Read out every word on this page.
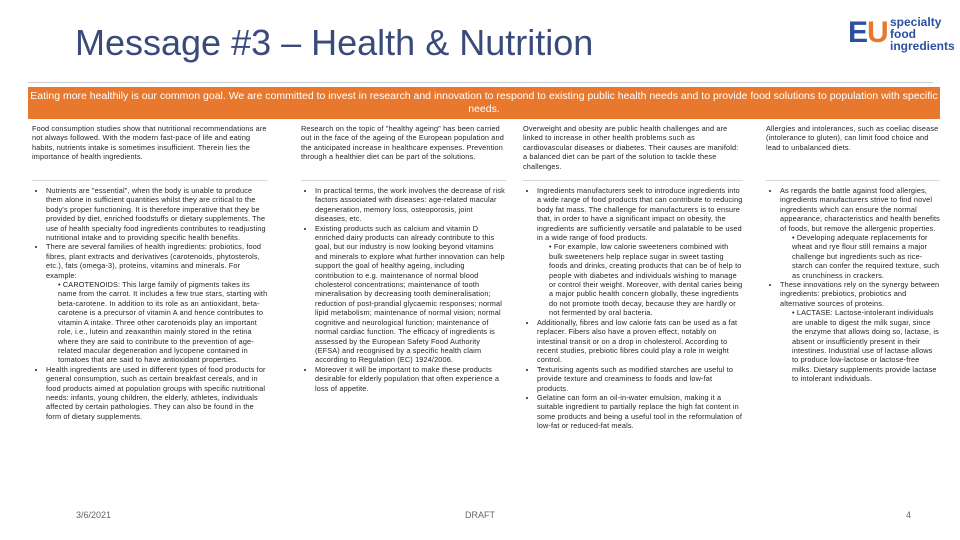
Message #3 – Health & Nutrition	EU specialty
food
ingredients
Eating more healthily is our common goal. We are committed to invest in research and innovation to respond to existing public health needs and to provide food solutions to population with specific needs.
Food consumption studies show that nutritional recommendations are not always followed. With the modern fast-pace of life and eating habits, nutrients intake is sometimes insufficient. Therein lies the importance of health ingredients.
• Nutrients are "essential", when the body is unable to produce them alone in sufficient quantities whilst they are critical to the body's proper functioning. It is therefore imperative that they be provided by diet, enriched foodstuffs or dietary supplements. The use of health specialty food ingredients contributes to readjusting nutritional intake and to providing specific health benefits.
• There are several families of health ingredients: probiotics, food fibres, plant extracts and derivatives (carotenoids, phytosterols, etc.), fats (omega-3), proteins, vitamins and minerals. For example:
• CAROTENOIDS: This large family of pigments takes its name from the carrot. It includes a few true stars, starting with beta-carotene. In addition to its role as an antioxidant, beta-carotene is a precursor of vitamin A and hence contributes to vitamin A intake. Three other carotenoids play an important role, i.e., lutein and zeaxanthin mainly stored in the retina where they are said to contribute to the prevention of age-related macular degeneration and lycopene contained in tomatoes that are said to have antioxidant properties.
• Health ingredients are used in different types of food products for general consumption, such as certain breakfast cereals, and in food products aimed at population groups with specific nutritional needs: infants, young children, the elderly, athletes, individuals affected by certain pathologies. They can also be found in the form of dietary supplements.
Research on the topic of "healthy ageing" has been carried out in the face of the ageing of the European population and the anticipated increase in healthcare expenses. Prevention through a healthier diet can be part of the solutions.
• In practical terms, the work involves the decrease of risk factors associated with diseases: age-related macular degeneration, memory loss, osteoporosis, joint diseases, etc.
• Existing products such as calcium and vitamin D enriched dairy products can already contribute to this goal, but our industry is now looking beyond vitamins and minerals to explore what further innovation can help support the goal of healthy ageing, including contribution to e.g. maintenance of normal blood cholesterol concentrations; maintenance of tooth mineralisation by decreasing tooth demineralisation; reduction of post-prandial glycaemic responses; normal lipid metabolism; maintenance of normal vision; normal cognitive and neurological function; maintenance of normal cardiac function. The efficacy of ingredients is assessed by the European Safety Food Authority (EFSA) and recognised by a specific health claim according to Regulation (EC) 1924/2006.
• Moreover it will be important to make these products desirable for elderly population that often experience a loss of appetite.
Overweight and obesity are public health challenges and are linked to increase in other health problems such as cardiovascular diseases or diabetes. Their causes are manifold: a balanced diet can be part of the solution to tackle these challenges.
• Ingredients manufacturers seek to introduce ingredients into a wide range of food products that can contribute to reducing body fat mass. The challenge for manufacturers is to ensure that, in order to have a significant impact on obesity, the ingredients are sufficiently versatile and palatable to be used in a wide range of food products.
• For example, low calorie sweeteners combined with bulk sweeteners help replace sugar in sweet tasting foods and drinks, creating products that can be of help to people with diabetes and individuals wishing to manage or control their weight. Moreover, with dental caries being a major public health concern globally, these ingredients do not promote tooth decay, because they are hardly or not fermented by oral bacteria.
• Additionally, fibres and low calorie fats can be used as a fat replacer. Fibers also have a proven effect, notably on intestinal transit or on a drop in cholesterol. According to recent studies, prebiotic fibres could play a role in weight control.
• Texturising agents such as modified starches are useful to provide texture and creaminess to foods and low-fat products.
• Gelatine can form an oil-in-water emulsion, making it a suitable ingredient to partially replace the high fat content in some products and being a useful tool in the reformulation of low-fat or reduced-fat meals.
Allergies and intolerances, such as coeliac disease (intolerance to gluten), can limit food choice and lead to unbalanced diets.
• As regards the battle against food allergies, ingredients manufacturers strive to find novel ingredients which can ensure the normal appearance, characteristics and health benefits of foods, but remove the allergenic properties.
• Developing adequate replacements for wheat and rye flour still remains a major challenge but ingredients such as rice-starch can confer the required texture, such as crunchiness in crackers.
• These innovations rely on the synergy between ingredients: prebiotics, probiotics and alternative sources of proteins.
• LACTASE: Lactose-intolerant individuals are unable to digest the milk sugar, since the enzyme that allows doing so, lactase, is absent or insufficiently present in their intestines. Industrial use of lactase allows to produce low-lactose or lactose-free milks. Dietary supplements provide lactase to intolerant individuals.
3/6/2021	DRAFT	4
